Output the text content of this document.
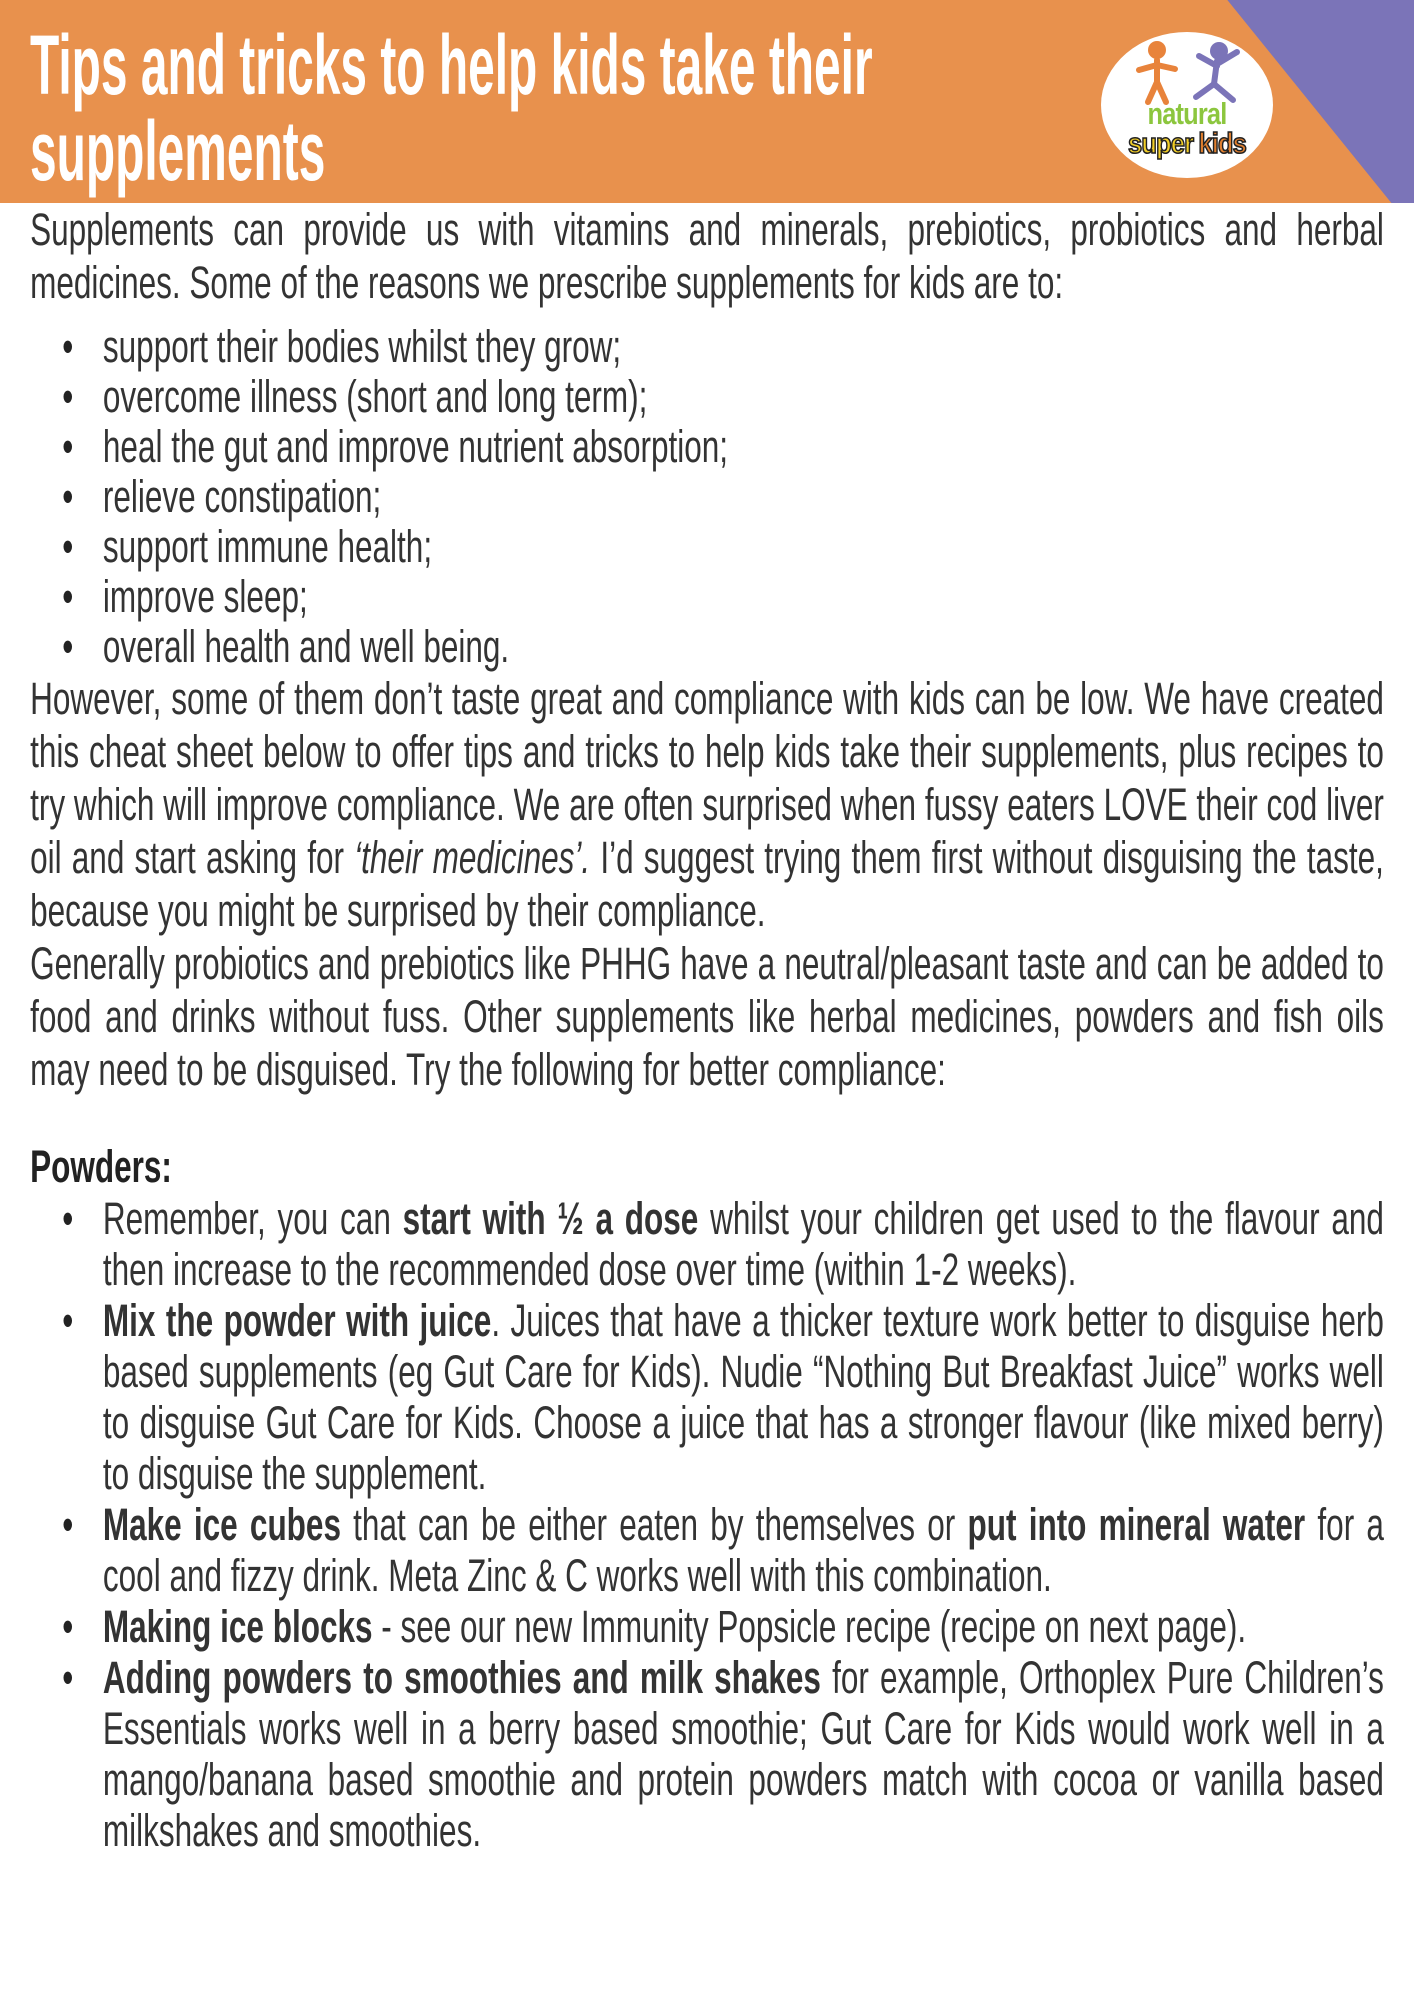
Tips and tricks to help kids take their
supplements
	natural
super kids

Supplements can provide us with vitamins and minerals, prebiotics, probiotics and herbal medicines. Some of the reasons we prescribe supplements for kids are to:

• support their bodies whilst they grow;
• overcome illness (short and long term);
• heal the gut and improve nutrient absorption;
• relieve constipation;
• support immune health;
• improve sleep;
• overall health and well being.

However, some of them don’t taste great and compliance with kids can be low. We have created this cheat sheet below to offer tips and tricks to help kids take their supplements, plus recipes to try which will improve compliance. We are often surprised when fussy eaters LOVE their cod liver oil and start asking for ‘their medicines’. I’d suggest trying them first without disguising the taste, because you might be surprised by their compliance.

Generally probiotics and prebiotics like PHHG have a neutral/pleasant taste and can be added to food and drinks without fuss. Other supplements like herbal medicines, powders and fish oils may need to be disguised. Try the following for better compliance:

Powders:
• Remember, you can start with ½ a dose whilst your children get used to the flavour and then increase to the recommended dose over time (within 1-2 weeks).
• Mix the powder with juice. Juices that have a thicker texture work better to disguise herb based supplements (eg Gut Care for Kids). Nudie “Nothing But Breakfast Juice” works well to disguise Gut Care for Kids. Choose a juice that has a stronger flavour (like mixed berry) to disguise the supplement.
• Make ice cubes that can be either eaten by themselves or put into mineral water for a cool and fizzy drink. Meta Zinc & C works well with this combination.
• Making ice blocks - see our new Immunity Popsicle recipe (recipe on next page).
• Adding powders to smoothies and milk shakes for example, Orthoplex Pure Children’s Essentials works well in a berry based smoothie; Gut Care for Kids would work well in a mango/banana based smoothie and protein powders match with cocoa or vanilla based milkshakes and smoothies.
